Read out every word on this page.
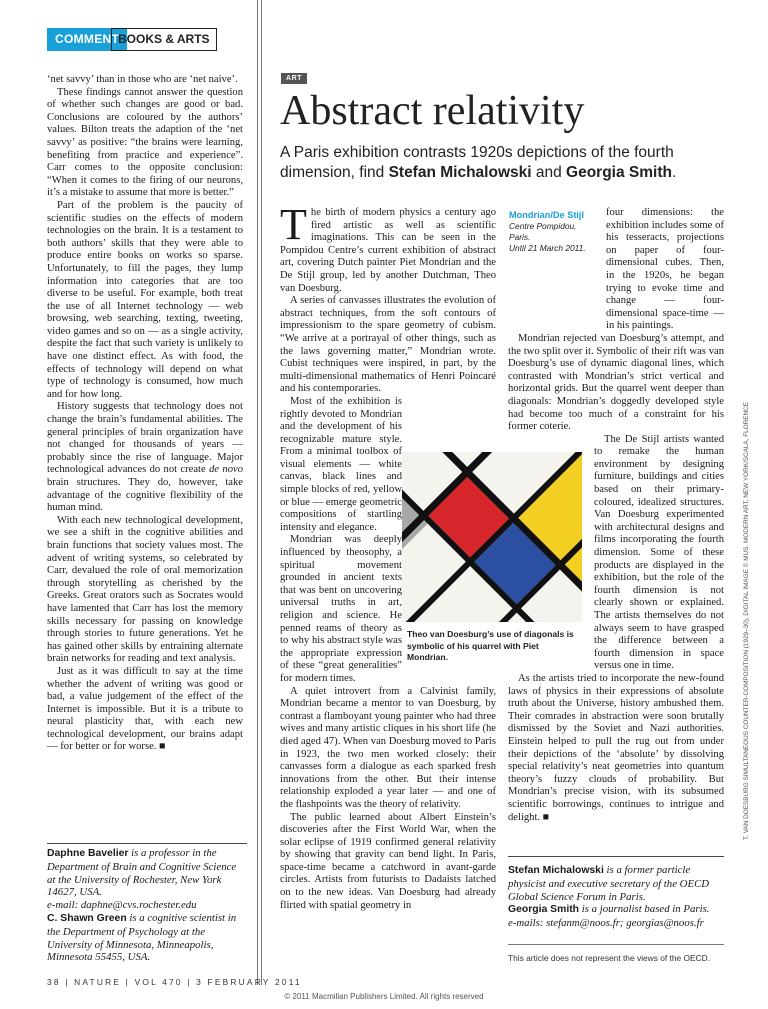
COMMENT
BOOKS & ARTS

‘net savvy’ than in those who are ‘net naive’.

These findings cannot answer the question of whether such changes are good or bad. Conclusions are coloured by the authors’ values. Bilton treats the adaption of the ‘net savvy’ as positive: “the brains were learning, benefiting from practice and experience”. Carr comes to the opposite conclusion: “When it comes to the firing of our neurons, it’s a mistake to assume that more is better.”

Part of the problem is the paucity of scientific studies on the effects of modern technologies on the brain. It is a testament to both authors’ skills that they were able to produce entire books on works so sparse. Unfortunately, to fill the pages, they lump information into categories that are too diverse to be useful. For example, both treat the use of all Internet technology — web browsing, web searching, texting, tweeting, video games and so on — as a single activity, despite the fact that such variety is unlikely to have one distinct effect. As with food, the effects of technology will depend on what type of technology is consumed, how much and for how long.

History suggests that technology does not change the brain’s fundamental abilities. The general principles of brain organization have not changed for thousands of years — probably since the rise of language. Major technological advances do not create de novo brain structures. They do, however, take advantage of the cognitive flexibility of the human mind.

With each new technological development, we see a shift in the cognitive abilities and brain functions that society values most. The advent of writing systems, so celebrated by Carr, devalued the role of oral memorization through storytelling as cherished by the Greeks. Great orators such as Socrates would have lamented that Carr has lost the memory skills necessary for passing on knowledge through stories to future generations. Yet he has gained other skills by entraining alternate brain networks for reading and text analysis.

Just as it was difficult to say at the time whether the advent of writing was good or bad, a value judgement of the effect of the Internet is impossible. But it is a tribute to neural plasticity that, with each new technological development, our brains adapt — for better or for worse. ■

Daphne Bavelier is a professor in the Department of Brain and Cognitive Science at the University of Rochester, New York 14627, USA.
e-mail: daphne@cvs.rochester.edu
C. Shawn Green is a cognitive scientist in the Department of Psychology at the University of Minnesota, Minneapolis, Minnesota 55455, USA.
ART
Abstract relativity
A Paris exhibition contrasts 1920s depictions of the fourth dimension, find Stefan Michalowski and Georgia Smith.

The birth of modern physics a century ago fired artistic as well as scientific imaginations. This can be seen in the Pompidou Centre’s current exhibition of abstract art, covering Dutch painter Piet Mondrian and the De Stijl group, led by another Dutchman, Theo van Doesburg.

A series of canvasses illustrates the evolution of abstract techniques, from the soft contours of impressionism to the spare geometry of cubism. “We arrive at a portrayal of other things, such as the laws governing matter,” Mondrian wrote. Cubist techniques were inspired, in part, by the multi-dimensional mathematics of Henri Poincaré and his contemporaries.

Most of the exhibition is rightly devoted to Mondrian and the development of his recognizable mature style. From a minimal toolbox of visual elements — white canvas, black lines and simple blocks of red, yellow or blue — emerge geometric compositions of startling intensity and elegance.

Mondrian was deeply influenced by theosophy, a spiritual movement grounded in ancient texts that was bent on uncovering universal truths in art, religion and science. He penned reams of theory as to why his abstract style was the appropriate expression of these “great generalities” for modern times.

A quiet introvert from a Calvinist family, Mondrian became a mentor to van Doesburg, by contrast a flamboyant young painter who had three wives and many artistic cliques in his short life (he died aged 47). When van Doesburg moved to Paris in 1923, the two men worked closely: their canvasses form a dialogue as each sparked fresh innovations from the other. But their intense relationship exploded a year later — and one of the flashpoints was the theory of relativity.

The public learned about Albert Einstein’s discoveries after the First World War, when the solar eclipse of 1919 confirmed general relativity by showing that gravity can bend light. In Paris, space-time became a catchword in avant-garde circles. Artists from futurists to Dadaists latched on to the new ideas. Van Doesburg had already flirted with spatial geometry in

Mondrian/De Stijl
Centre Pompidou,
Paris.
Until 21 March 2011.

four dimensions: the exhibition includes some of his tesseracts, projections on paper of four-dimensional cubes. Then, in the 1920s, he began trying to evoke time and change — four-dimensional space-time — in his paintings.

Mondrian rejected van Doesburg’s attempt, and the two split over it. Symbolic of their rift was van Doesburg’s use of dynamic diagonal lines, which contrasted with Mondrian’s strict vertical and horizontal grids. But the quarrel went deeper than diagonals: Mondrian’s doggedly developed style had become too much of a constraint for his former coterie.

The De Stijl artists wanted to remake the human environment by designing furniture, buildings and cities based on their primary-coloured, idealized structures. Van Doesburg experimented with architectural designs and films incorporating the fourth dimension. Some of these products are displayed in the exhibition, but the role of the fourth dimension is not clearly shown or explained. The artists themselves do not always seem to have grasped the difference between a fourth dimension in space versus one in time.

As the artists tried to incorporate the new-found laws of physics in their expressions of absolute truth about the Universe, history ambushed them. Their comrades in abstraction were soon brutally dismissed by the Soviet and Nazi authorities. Einstein helped to pull the rug out from under their depictions of the ‘absolute’ by dissolving special relativity’s neat geometries into quantum theory’s fuzzy clouds of probability. But Mondrian’s precise vision, with its subsumed scientific borrowings, continues to intrigue and delight. ■

Stefan Michalowski is a former particle physicist and executive secretary of the OECD Global Science Forum in Paris.
Georgia Smith is a journalist based in Paris.
e-mails: stefanm@noos.fr; georgias@noos.fr
This article does not represent the views of the OECD.
Theo van Doesburg’s use of diagonals is symbolic of his quarrel with Piet Mondrian.	T. VAN DOESBURG SIMULTANEOUS COUNTER-COMPOSITION (1929–30), DIGITAL IMAGE © MUS. MODERN ART, NEW YORK/SCALA, FLORENCE
38 | NATURE | VOL 470 | 3 FEBRUARY 2011
© 2011 Macmillan Publishers Limited. All rights reserved
